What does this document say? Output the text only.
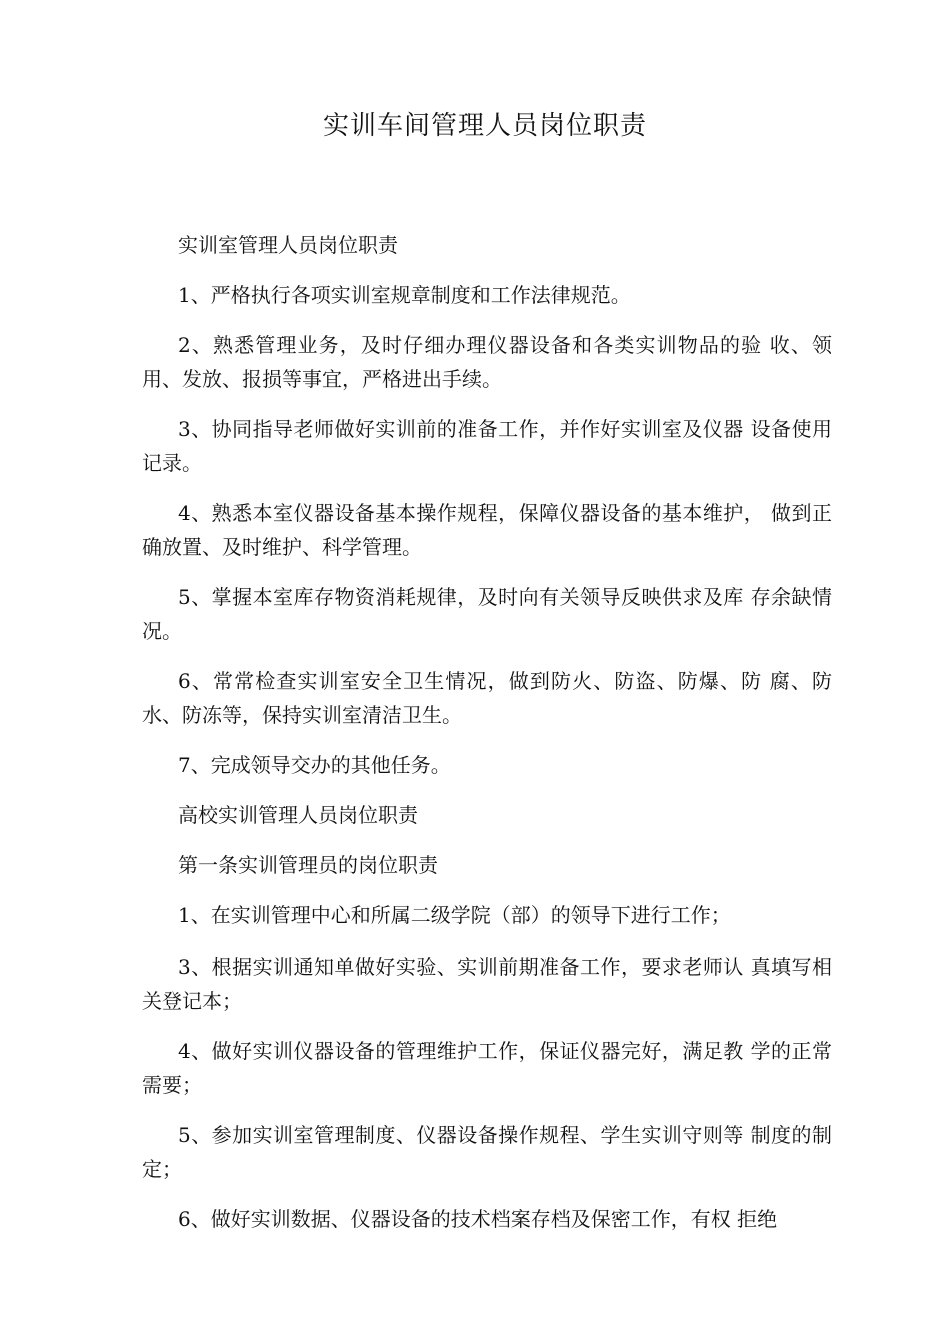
实训车间管理人员岗位职责

实训室管理人员岗位职责

1、严格执行各项实训室规章制度和工作法律规范。

2、熟悉管理业务，及时仔细办理仪器设备和各类实训物品的验 收、领用、发放、报损等事宜，严格进出手续。

3、协同指导老师做好实训前的准备工作，并作好实训室及仪器 设备使用记录。

4、熟悉本室仪器设备基本操作规程，保障仪器设备的基本维护， 做到正确放置、及时维护、科学管理。

5、掌握本室库存物资消耗规律，及时向有关领导反映供求及库 存余缺情况。

6、常常检查实训室安全卫生情况，做到防火、防盗、防爆、防 腐、防水、防冻等，保持实训室清洁卫生。

7、完成领导交办的其他任务。

高校实训管理人员岗位职责

第一条实训管理员的岗位职责

1、在实训管理中心和所属二级学院（部）的领导下进行工作；

3、根据实训通知单做好实验、实训前期准备工作，要求老师认 真填写相关登记本；

4、做好实训仪器设备的管理维护工作，保证仪器完好，满足教 学的正常需要；

5、参加实训室管理制度、仪器设备操作规程、学生实训守则等 制度的制定；

6、做好实训数据、仪器设备的技术档案存档及保密工作，有权 拒绝
